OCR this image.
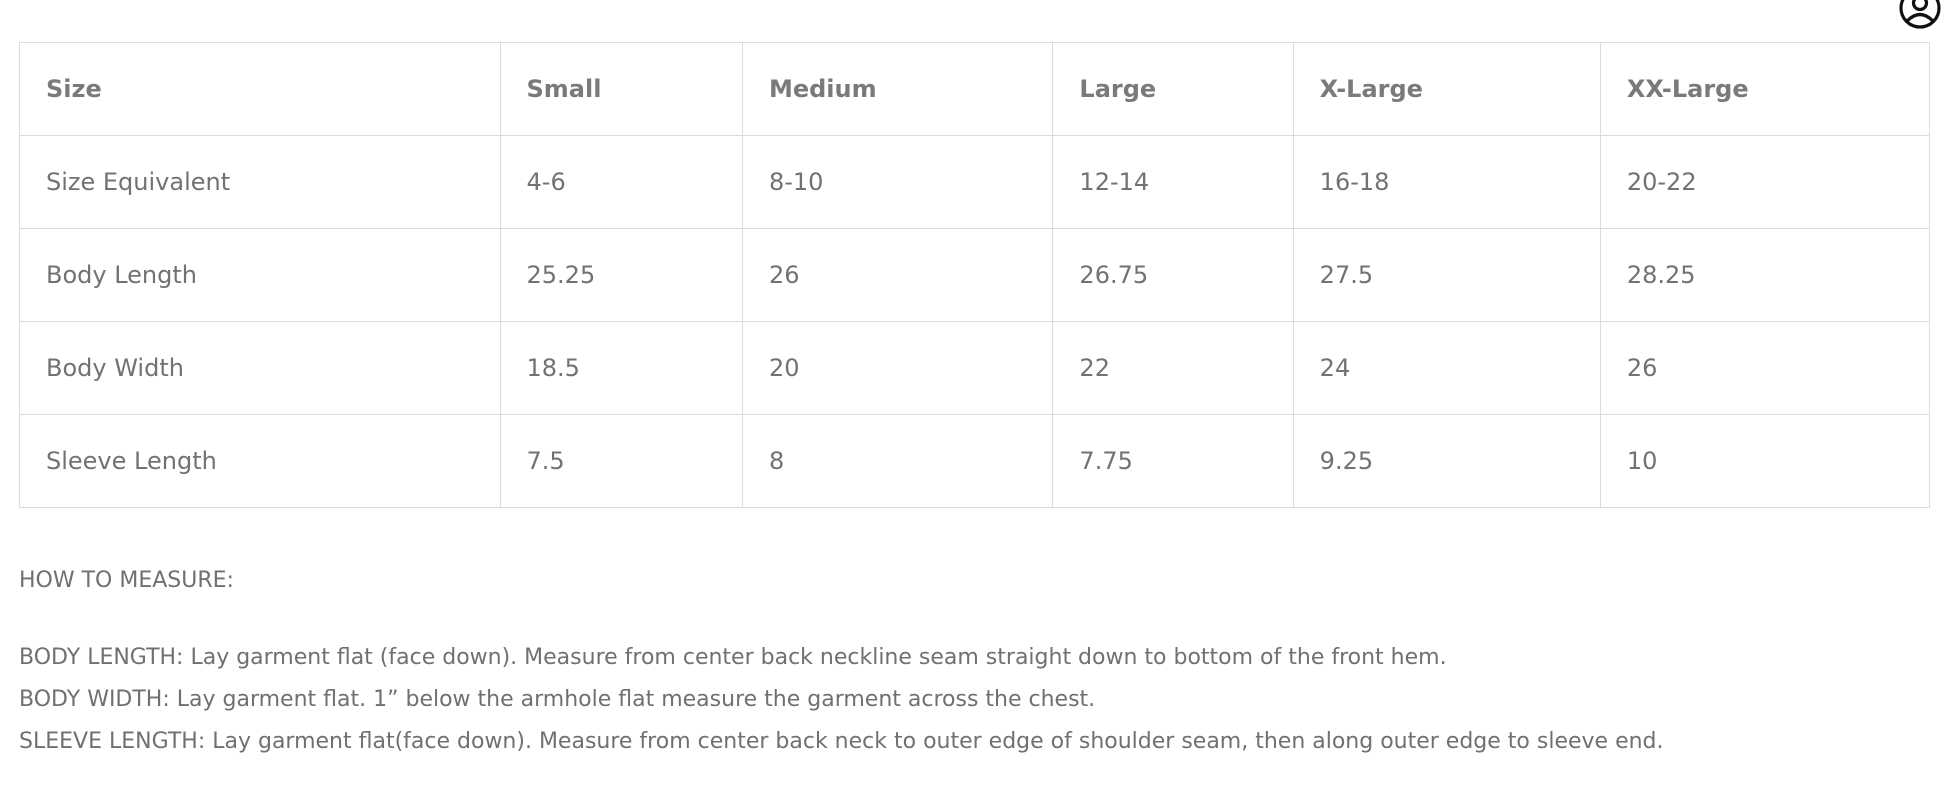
Size	Small	Medium	Large	X-Large	XX-Large
Size Equivalent	4-6	8-10	12-14	16-18	20-22
Body Length	25.25	26	26.75	27.5	28.25
Body Width	18.5	20	22	24	26
Sleeve Length	7.5	8	7.75	9.25	10
HOW TO MEASURE:
BODY LENGTH: Lay garment flat (face down). Measure from center back neckline seam straight down to bottom of the front hem.
BODY WIDTH: Lay garment flat. 1” below the armhole flat measure the garment across the chest.
SLEEVE LENGTH: Lay garment flat(face down). Measure from center back neck to outer edge of shoulder seam, then along outer edge to sleeve end.
